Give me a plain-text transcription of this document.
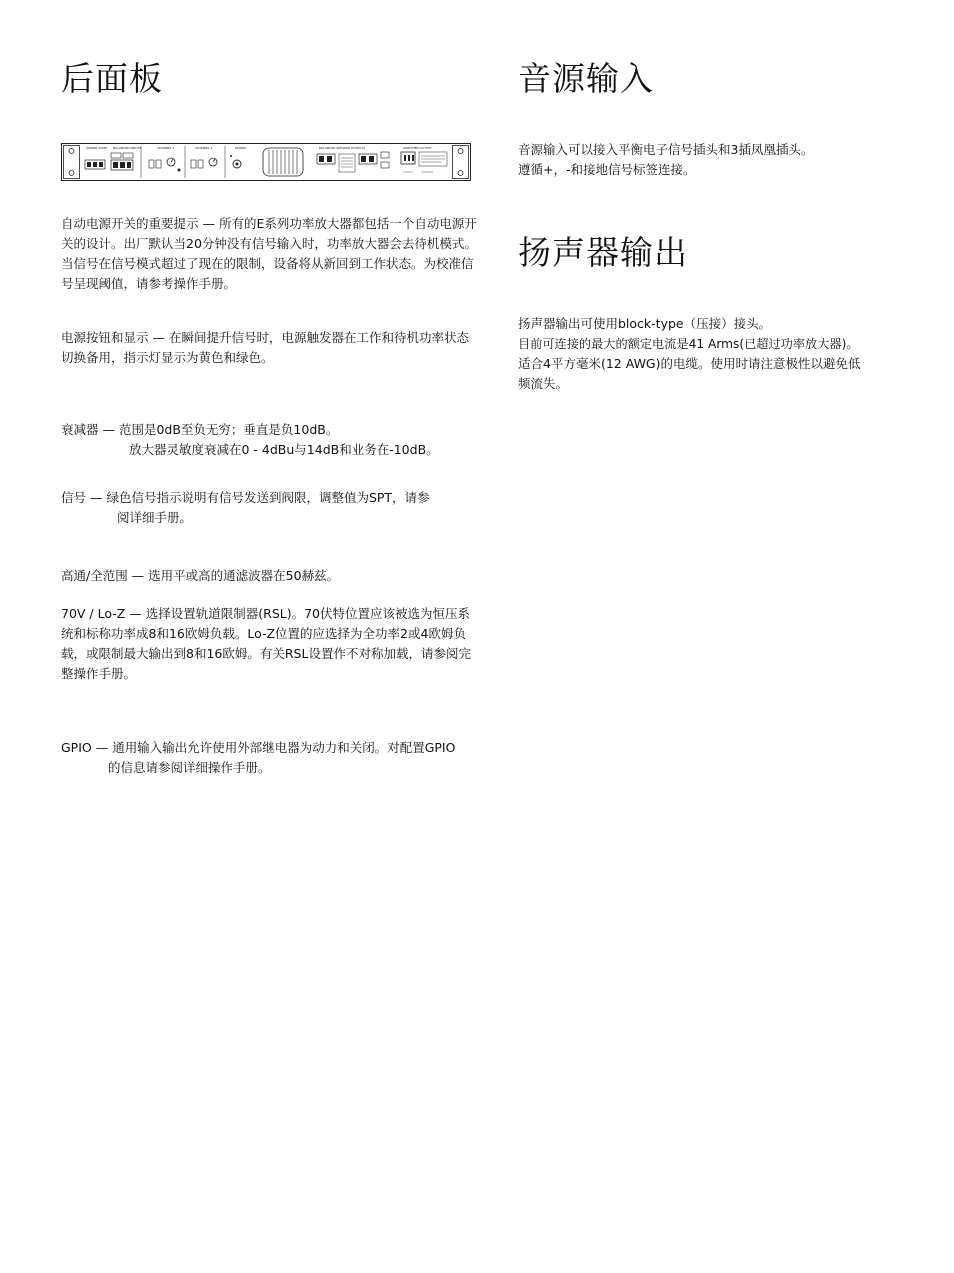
后面板
POWER STATE BALANCED INPUTS	CHANNEL 1	CHANNEL 2	POWER	BALANCED SPEAKER OUTPUTS	AMPLIFIER OUTPUT

自动电源开关的重要提示 — 所有的E系列功率放大器都包括一个自动电源开关的设计。出厂默认当20分钟没有信号输入时，功率放大器会去待机模式。当信号在信号模式超过了现在的限制，设备将从新回到工作状态。为校准信号呈现阈值，请参考操作手册。

电源按钮和显示 — 在瞬间提升信号时，电源触发器在工作和待机功率状态切换备用，指示灯显示为黄色和绿色。

衰减器 — 范围是0dB至负无穷；垂直是负10dB。
放大器灵敏度衰减在0 - 4dBu与14dB和业务在-10dB。
信号 — 绿色信号指示说明有信号发送到阀限，调整值为SPT，请参
阅详细手册。

高通/全范围 — 选用平或高的通滤波器在50赫兹。

70V / Lo-Z — 选择设置轨道限制器(RSL)。70伏特位置应该被选为恒压系统和标称功率成8和16欧姆负载。Lo-Z位置的应选择为全功率2或4欧姆负载，或限制最大输出到8和16欧姆。有关RSL设置作不对称加载，请参阅完整操作手册。

GPIO — 通用输入输出允许使用外部继电器为动力和关闭。对配置GPIO
的信息请参阅详细操作手册。
音源输入
音源输入可以接入平衡电子信号插头和3插凤凰插头。
遵循+，-和接地信号标签连接。
扬声器输出
扬声器输出可使用block-type（压接）接头。
目前可连接的最大的额定电流是41 Arms(已超过功率放大器)。
适合4平方毫米(12 AWG)的电缆。使用时请注意极性以避免低
频流失。
